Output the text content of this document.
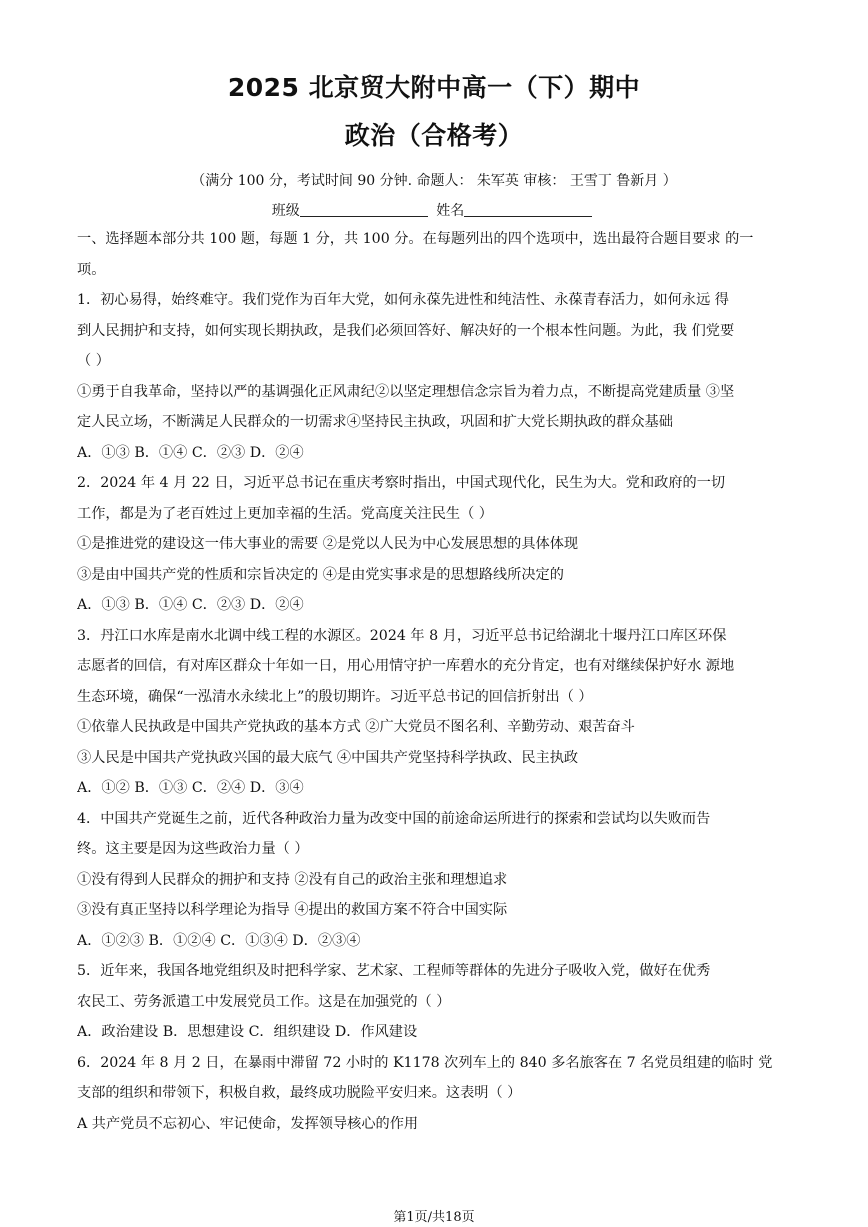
2025 北京贸大附中高一（下）期中
政治（合格考）
（满分 100 分，考试时间 90 分钟. 命题人： 朱军英 审核： 王雪丁 鲁新月 ）
班级	姓名
一、选择题本部分共 100 题，每题 1 分，共 100 分。在每题列出的四个选项中，选出最符合题目要求 的一
项。
1．初心易得，始终难守。我们党作为百年大党，如何永葆先进性和纯洁性、永葆青春活力，如何永远 得
到人民拥护和支持，如何实现长期执政，是我们必须回答好、解决好的一个根本性问题。为此，我 们党要
（ ）
①勇于自我革命，坚持以严的基调强化正风肃纪②以坚定理想信念宗旨为着力点，不断提高党建质量 ③坚
定人民立场，不断满足人民群众的一切需求④坚持民主执政，巩固和扩大党长期执政的群众基础
A．①③ B．①④ C．②③ D．②④
2．2024 年 4 月 22 日，习近平总书记在重庆考察时指出，中国式现代化，民生为大。党和政府的一切
工作，都是为了老百姓过上更加幸福的生活。党高度关注民生（ ）
①是推进党的建设这一伟大事业的需要 ②是党以人民为中心发展思想的具体体现
③是由中国共产党的性质和宗旨决定的 ④是由党实事求是的思想路线所决定的
A．①③ B．①④ C．②③ D．②④
3．丹江口水库是南水北调中线工程的水源区。2024 年 8 月，习近平总书记给湖北十堰丹江口库区环保
志愿者的回信，有对库区群众十年如一日，用心用情守护一库碧水的充分肯定，也有对继续保护好水 源地
生态环境，确保“一泓清水永续北上”的殷切期许。习近平总书记的回信折射出（ ）
①依靠人民执政是中国共产党执政的基本方式 ②广大党员不图名利、辛勤劳动、艰苦奋斗
③人民是中国共产党执政兴国的最大底气 ④中国共产党坚持科学执政、民主执政
A．①② B．①③ C．②④ D．③④
4．中国共产党诞生之前，近代各种政治力量为改变中国的前途命运所进行的探索和尝试均以失败而告
终。这主要是因为这些政治力量（ ）
①没有得到人民群众的拥护和支持 ②没有自己的政治主张和理想追求
③没有真正坚持以科学理论为指导 ④提出的救国方案不符合中国实际
A．①②③ B．①②④ C．①③④ D．②③④
5．近年来，我国各地党组织及时把科学家、艺术家、工程师等群体的先进分子吸收入党，做好在优秀
农民工、劳务派遣工中发展党员工作。这是在加强党的（ ）
A．政治建设 B．思想建设 C．组织建设 D．作风建设
6．2024 年 8 月 2 日，在暴雨中滞留 72 小时的 K1178 次列车上的 840 多名旅客在 7 名党员组建的临时 党
支部的组织和带领下，积极自救，最终成功脱险平安归来。这表明（ ）
A 共产党员不忘初心、牢记使命，发挥领导核心的作用
第1页/共18页
